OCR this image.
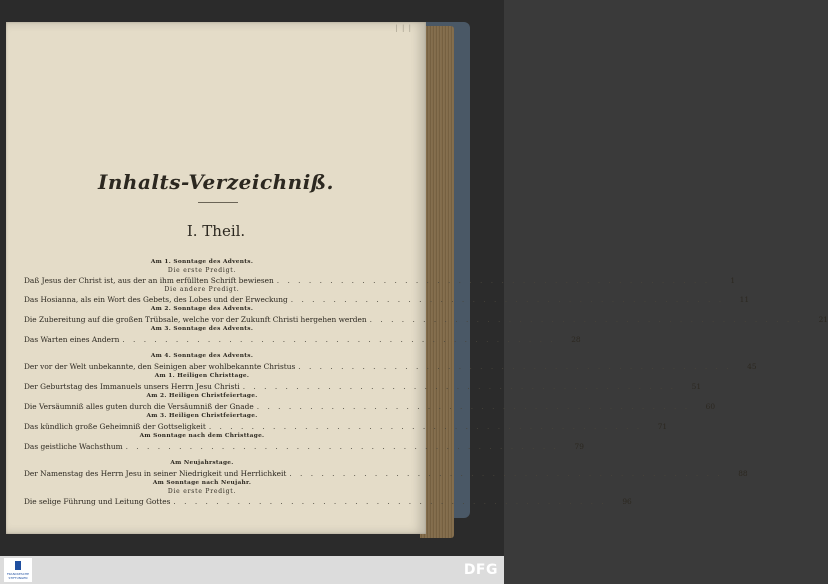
| | |
Inhalts-Verzeichniß.
I. Theil.
Am 1. Sonntage des Advents.
Die erste Predigt.
Daß Jesus der Christ ist, aus der an ihm erfüllten Schrift bewiesen . . . . . . . . . . . . . . . . . . . . . . . . . . . . . . . . . . . . . . . . .	1
Die andere Predigt.
Das Hosianna, als ein Wort des Gebets, des Lobes und der Erweckung . . . . . . . . . . . . . . . . . . . . . . . . . . . . . . . . . . . . . . . . .	11
Am 2. Sonntage des Advents.
Die Zubereitung auf die großen Trübsale, welche vor der Zukunft Christi hergehen werden . . . . . . . . . . . . . . . . . . . . . . . . . . . . . . . . . . . . . . . . .	21
Am 3. Sonntage des Advents.
Das Warten eines Andern . . . . . . . . . . . . . . . . . . . . . . . . . . . . . . . . . . . . . . . . .	28
Am 4. Sonntage des Advents.
Der vor der Welt unbekannte, den Seinigen aber wohlbekannte Christus . . . . . . . . . . . . . . . . . . . . . . . . . . . . . . . . . . . . . . . . .	45
Am 1. Heiligen Christtage.
Der Geburtstag des Immanuels unsers Herrn Jesu Christi . . . . . . . . . . . . . . . . . . . . . . . . . . . . . . . . . . . . . . . . .	51
Am 2. Heiligen Christfeiertage.
Die Versäumniß alles guten durch die Versäumniß der Gnade . . . . . . . . . . . . . . . . . . . . . . . . . . . . . . . . . . . . . . . . .	60
Am 3. Heiligen Christfeiertage.
Das kündlich große Geheimniß der Gottseligkeit . . . . . . . . . . . . . . . . . . . . . . . . . . . . . . . . . . . . . . . . .	71
Am Sonntage nach dem Christtage.
Das geistliche Wachsthum . . . . . . . . . . . . . . . . . . . . . . . . . . . . . . . . . . . . . . . . .	79
Am Neujahrstage.
Der Namenstag des Herrn Jesu in seiner Niedrigkeit und Herrlichkeit . . . . . . . . . . . . . . . . . . . . . . . . . . . . . . . . . . . . . . . . .	88
Am Sonntage nach Neujahr.
Die erste Predigt.
Die selige Führung und Leitung Gottes . . . . . . . . . . . . . . . . . . . . . . . . . . . . . . . . . . . . . . . . .	96
FRANCKESCHE
STIFTUNGEN	DFG
